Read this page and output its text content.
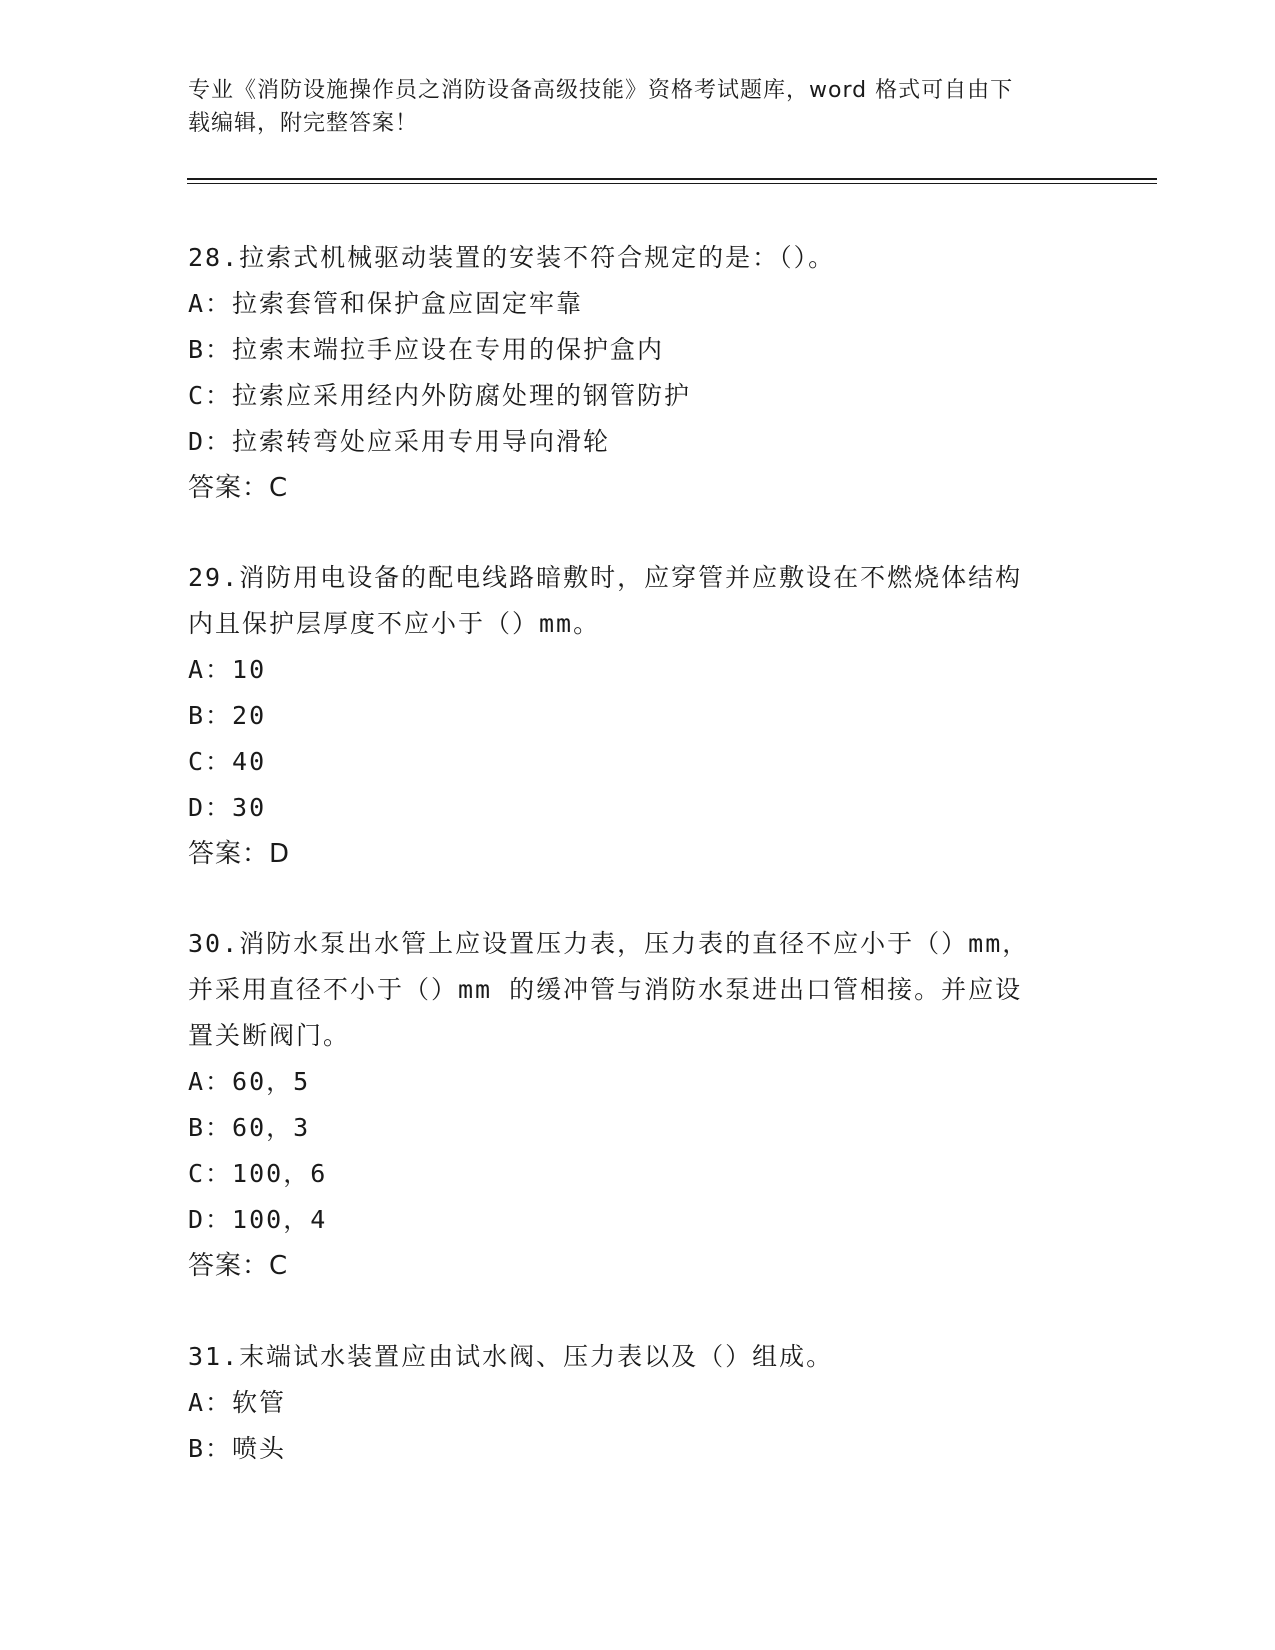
专业《消防设施操作员之消防设备高级技能》资格考试题库，word 格式可自由下
载编辑，附完整答案！
28.拉索式机械驱动装置的安装不符合规定的是：（）。
A：拉索套管和保护盒应固定牢靠
B：拉索末端拉手应设在专用的保护盒内
C：拉索应采用经内外防腐处理的钢管防护
D：拉索转弯处应采用专用导向滑轮
答案：C
29.消防用电设备的配电线路暗敷时，应穿管并应敷设在不燃烧体结构
内且保护层厚度不应小于（）mm。
A：10
B：20
C：40
D：30
答案：D
30.消防水泵出水管上应设置压力表，压力表的直径不应小于（）mm，
并采用直径不小于（）mm 的缓冲管与消防水泵进出口管相接。并应设
置关断阀门。
A：60，5
B：60，3
C：100，6
D：100，4
答案：C
31.末端试水装置应由试水阀、压力表以及（）组成。
A：软管
B：喷头
